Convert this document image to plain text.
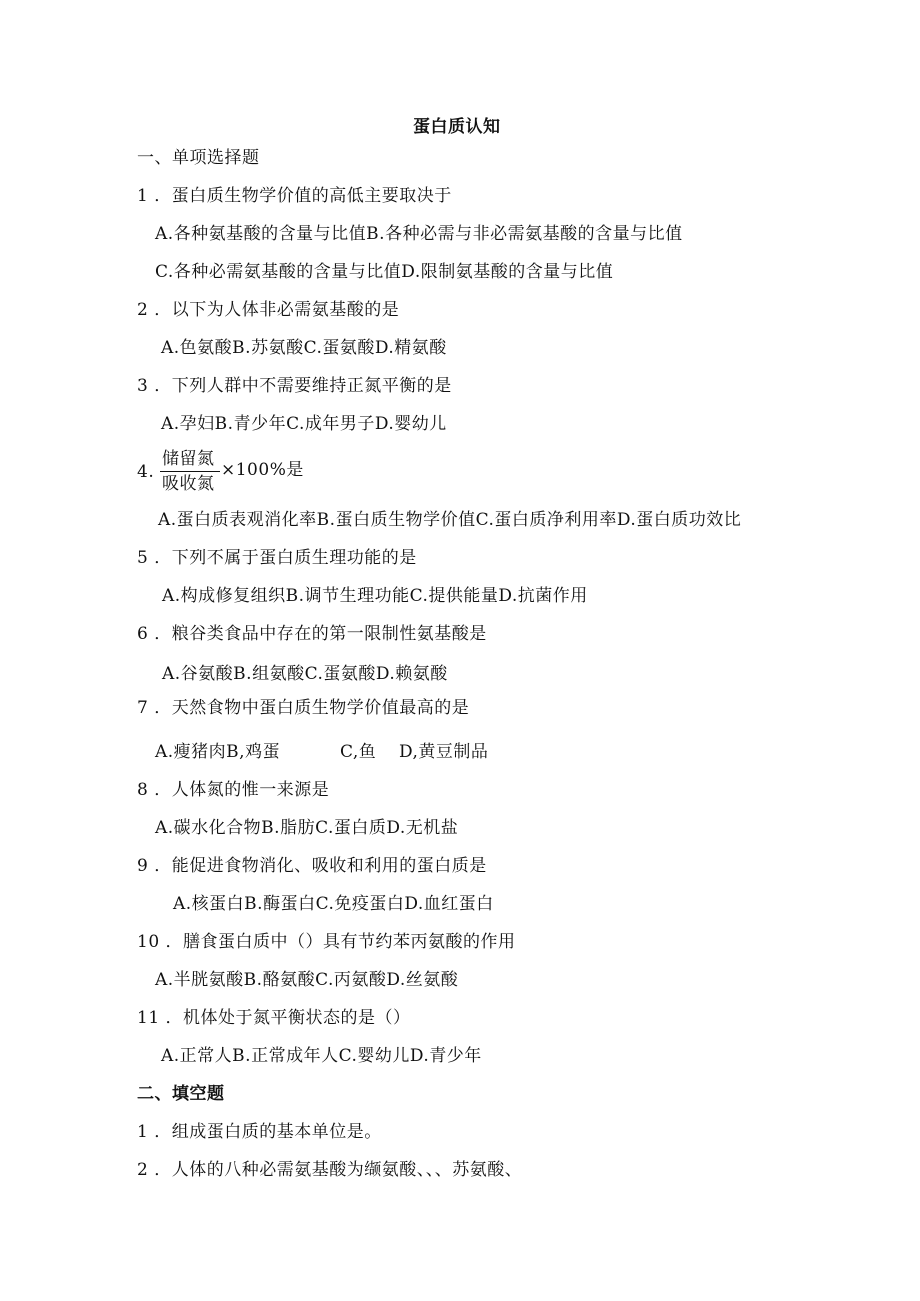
蛋白质认知
一、单项选择题
1 ．蛋白质生物学价值的高低主要取决于
A.各种氨基酸的含量与比值B.各种必需与非必需氨基酸的含量与比值
C.各种必需氨基酸的含量与比值D.限制氨基酸的含量与比值
2 ．以下为人体非必需氨基酸的是
A.色氨酸B.苏氨酸C.蛋氨酸D.精氨酸
3 ．下列人群中不需要维持正氮平衡的是
A.孕妇B.青少年C.成年男子D.婴幼儿
4.
储留氮
吸收氮
×100%是
A.蛋白质表观消化率B.蛋白质生物学价值C.蛋白质净利用率D.蛋白质功效比
5 ．下列不属于蛋白质生理功能的是
A.构成修复组织B.调节生理功能C.提供能量D.抗菌作用
6 ．粮谷类食品中存在的第一限制性氨基酸是
A.谷氨酸B.组氨酸C.蛋氨酸D.赖氨酸
7 ．天然食物中蛋白质生物学价值最高的是
A.瘦猪肉B,鸡蛋	C,鱼 D,黄豆制品
8 ．人体氮的惟一来源是
A.碳水化合物B.脂肪C.蛋白质D.无机盐
9 ．能促进食物消化、吸收和利用的蛋白质是
A.核蛋白B.酶蛋白C.免疫蛋白D.血红蛋白
10 ．膳食蛋白质中（）具有节约苯丙氨酸的作用
A.半胱氨酸B.酪氨酸C.丙氨酸D.丝氨酸
11 ．机体处于氮平衡状态的是（）
A.正常人B.正常成年人C.婴幼儿D.青少年
二、填空题
1 ．组成蛋白质的基本单位是。
2 ．人体的八种必需氨基酸为缬氨酸、、、苏氨酸、
